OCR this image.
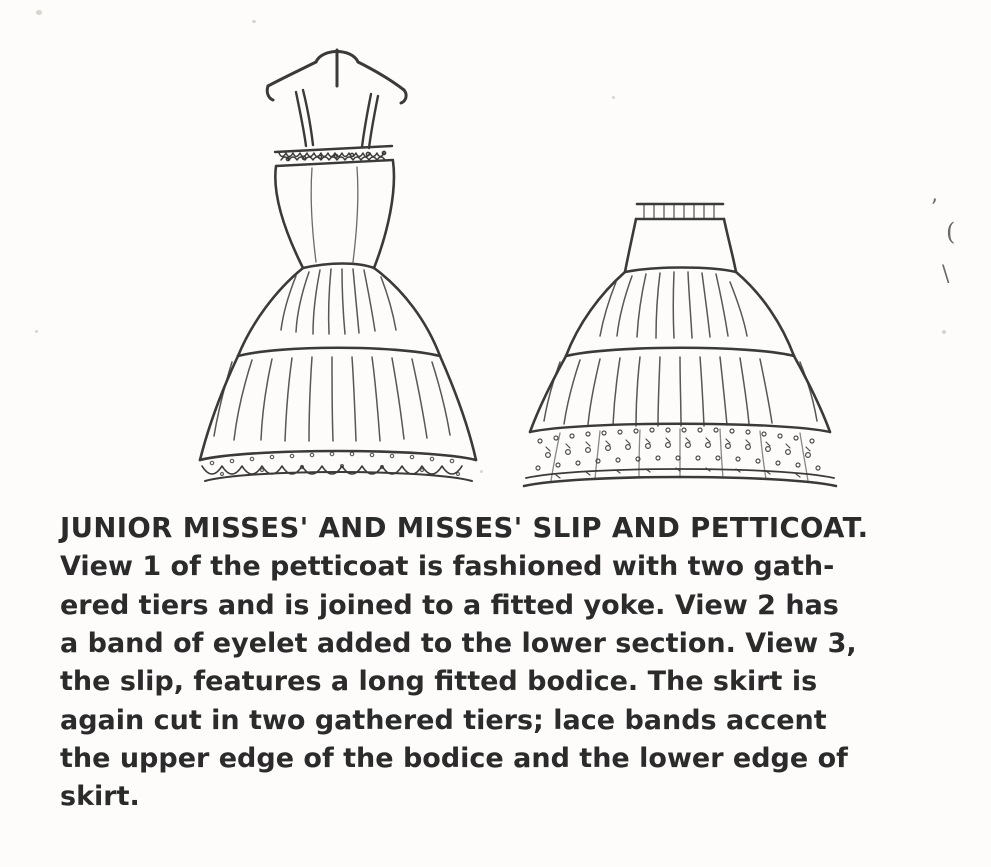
ʼ
(
\
JUNIOR MISSES' AND MISSES' SLIP AND PETTICOAT.

View 1 of the petticoat is fashioned with two gath-
ered tiers and is joined to a fitted yoke. View 2 has
a band of eyelet added to the lower section. View 3,
the slip, features a long fitted bodice. The skirt is
again cut in two gathered tiers; lace bands accent
the upper edge of the bodice and the lower edge of
skirt.
